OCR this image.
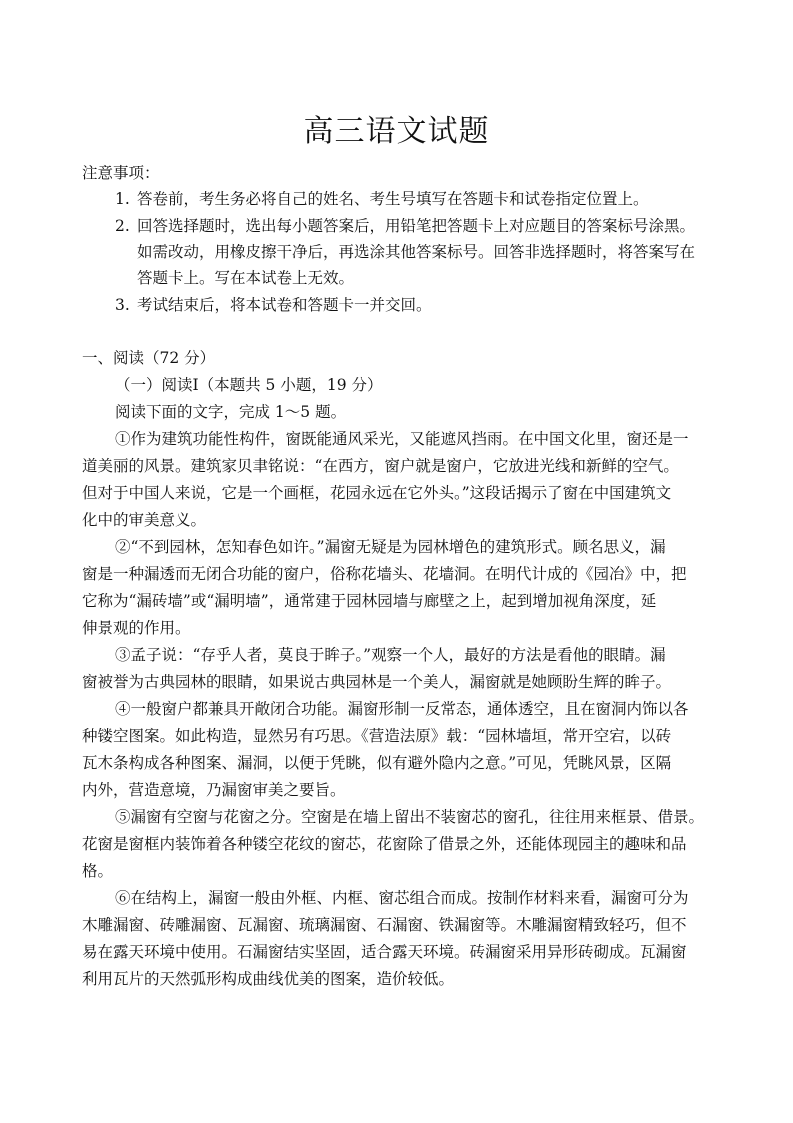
高三语文试题
注意事项：
1. 答卷前，考生务必将自己的姓名、考生号填写在答题卡和试卷指定位置上。
2. 回答选择题时，选出每小题答案后，用铅笔把答题卡上对应题目的答案标号涂黑。
如需改动，用橡皮擦干净后，再选涂其他答案标号。回答非选择题时，将答案写在
答题卡上。写在本试卷上无效。
3. 考试结束后，将本试卷和答题卡一并交回。
一、阅读（72 分）
（一）阅读Ⅰ（本题共 5 小题，19 分）
阅读下面的文字，完成 1～5 题。
①作为建筑功能性构件，窗既能通风采光，又能遮风挡雨。在中国文化里，窗还是一
道美丽的风景。建筑家贝聿铭说：“在西方，窗户就是窗户，它放进光线和新鲜的空气。
但对于中国人来说，它是一个画框，花园永远在它外头。”这段话揭示了窗在中国建筑文
化中的审美意义。
②“不到园林，怎知春色如许。”漏窗无疑是为园林增色的建筑形式。顾名思义，漏
窗是一种漏透而无闭合功能的窗户，俗称花墙头、花墙洞。在明代计成的《园冶》中，把
它称为“漏砖墙”或“漏明墙”，通常建于园林园墙与廊壁之上，起到增加视角深度，延
伸景观的作用。
③孟子说：“存乎人者，莫良于眸子。”观察一个人，最好的方法是看他的眼睛。漏
窗被誉为古典园林的眼睛，如果说古典园林是一个美人，漏窗就是她顾盼生辉的眸子。
④一般窗户都兼具开敞闭合功能。漏窗形制一反常态，通体透空，且在窗洞内饰以各
种镂空图案。如此构造，显然另有巧思。《营造法原》载：“园林墙垣，常开空宕，以砖
瓦木条构成各种图案、漏洞，以便于凭眺，似有避外隐内之意。”可见，凭眺风景，区隔
内外，营造意境，乃漏窗审美之要旨。
⑤漏窗有空窗与花窗之分。空窗是在墙上留出不装窗芯的窗孔，往往用来框景、借景。
花窗是窗框内装饰着各种镂空花纹的窗芯，花窗除了借景之外，还能体现园主的趣味和品
格。
⑥在结构上，漏窗一般由外框、内框、窗芯组合而成。按制作材料来看，漏窗可分为
木雕漏窗、砖雕漏窗、瓦漏窗、琉璃漏窗、石漏窗、铁漏窗等。木雕漏窗精致轻巧，但不
易在露天环境中使用。石漏窗结实坚固，适合露天环境。砖漏窗采用异形砖砌成。瓦漏窗
利用瓦片的天然弧形构成曲线优美的图案，造价较低。
